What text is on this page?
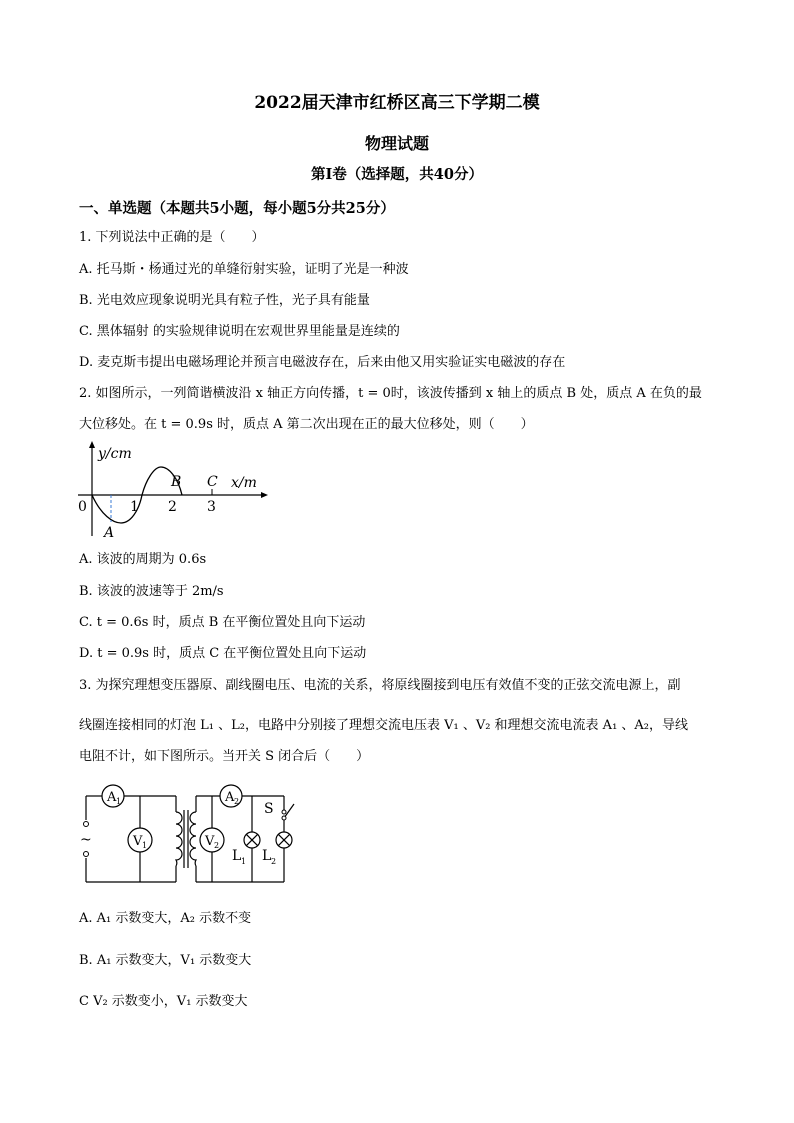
2022届天津市红桥区高三下学期二模
物理试题
第Ⅰ卷（选择题，共40分）
一、单选题（本题共5小题，每小题5分共25分）
1. 下列说法中正确的是（　　）
A. 托马斯・杨通过光的单缝衍射实验，证明了光是一种波
B. 光电效应现象说明光具有粒子性，光子具有能量
C. 黑体辐射 的实验规律说明在宏观世界里能量是连续的
D. 麦克斯韦提出电磁场理论并预言电磁波存在，后来由他又用实验证实电磁波的存在
2. 如图所示，一列简谐横波沿 x 轴正方向传播，t = 0时，该波传播到 x 轴上的质点 B 处，质点 A 在负的最
大位移处。在 t = 0.9s 时，质点 A 第二次出现在正的最大位移处，则（　　）
y/cm
x/m
0	1 2 3
A
B C
A. 该波的周期为 0.6s
B. 该波的波速等于 2m/s
C. t = 0.6s 时，质点 B 在平衡位置处且向下运动
D. t = 0.9s 时，质点 C 在平衡位置处且向下运动
3. 为探究理想变压器原、副线圈电压、电流的关系，将原线圈接到电压有效值不变的正弦交流电源上，副
线圈连接相同的灯泡 L₁ 、L₂，电路中分别接了理想交流电压表 V₁ 、V₂ 和理想交流电流表 A₁ 、A₂，导线
电阻不计，如下图所示。当开关 S 闭合后（　　）
~
A 1	A 2
V 1	V 2
L 1 L 2
S
A. A₁ 示数变大，A₂ 示数不变
B. A₁ 示数变大，V₁ 示数变大
C V₂ 示数变小，V₁ 示数变大
